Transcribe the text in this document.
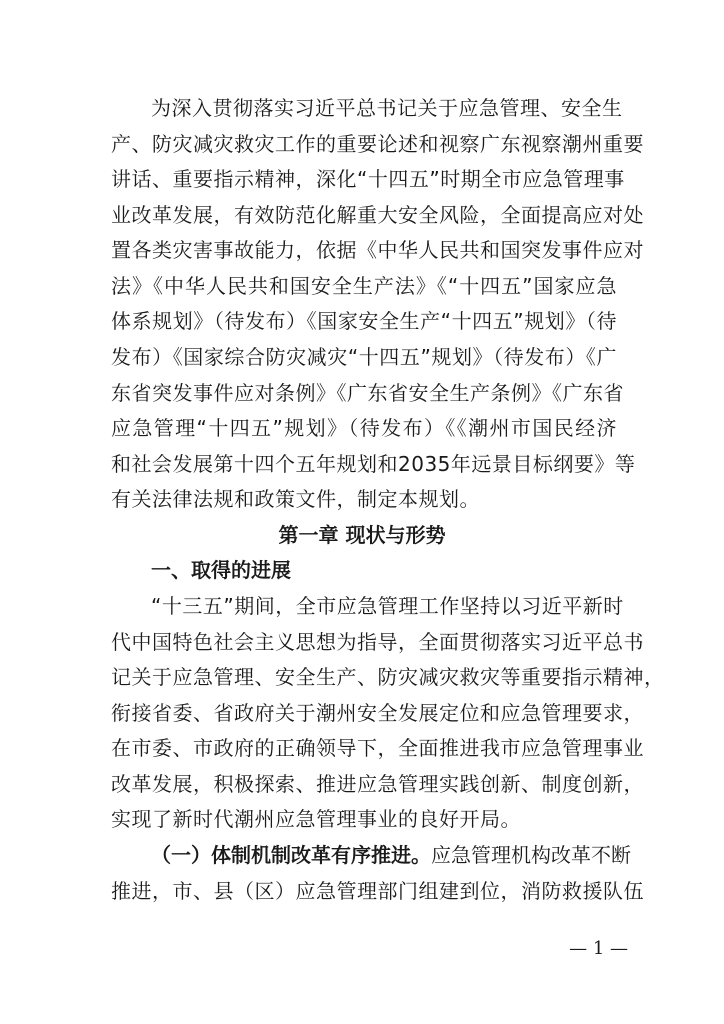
为深入贯彻落实习近平总书记关于应急管理、安全生
产、防灾减灾救灾工作的重要论述和视察广东视察潮州重要
讲话、重要指示精神，深化“十四五”时期全市应急管理事
业改革发展，有效防范化解重大安全风险，全面提高应对处
置各类灾害事故能力，依据《中华人民共和国突发事件应对
法》《中华人民共和国安全生产法》《“十四五”国家应急
体系规划》（待发布）《国家安全生产“十四五”规划》（待
发布）《国家综合防灾减灾“十四五”规划》（待发布）《广
东省突发事件应对条例》《广东省安全生产条例》《广东省
应急管理“十四五”规划》（待发布）《《潮州市国民经济
和社会发展第十四个五年规划和2035年远景目标纲要》等
有关法律法规和政策文件，制定本规划。
第一章 现状与形势
一、取得的进展
“十三五”期间，全市应急管理工作坚持以习近平新时
代中国特色社会主义思想为指导，全面贯彻落实习近平总书
记关于应急管理、安全生产、防灾减灾救灾等重要指示精神，
衔接省委、省政府关于潮州安全发展定位和应急管理要求，
在市委、市政府的正确领导下，全面推进我市应急管理事业
改革发展，积极探索、推进应急管理实践创新、制度创新，
实现了新时代潮州应急管理事业的良好开局。
（一）体制机制改革有序推进。 应急管理机构改革不断
推进，市、县（区）应急管理部门组建到位，消防救援队伍
— 1 —
